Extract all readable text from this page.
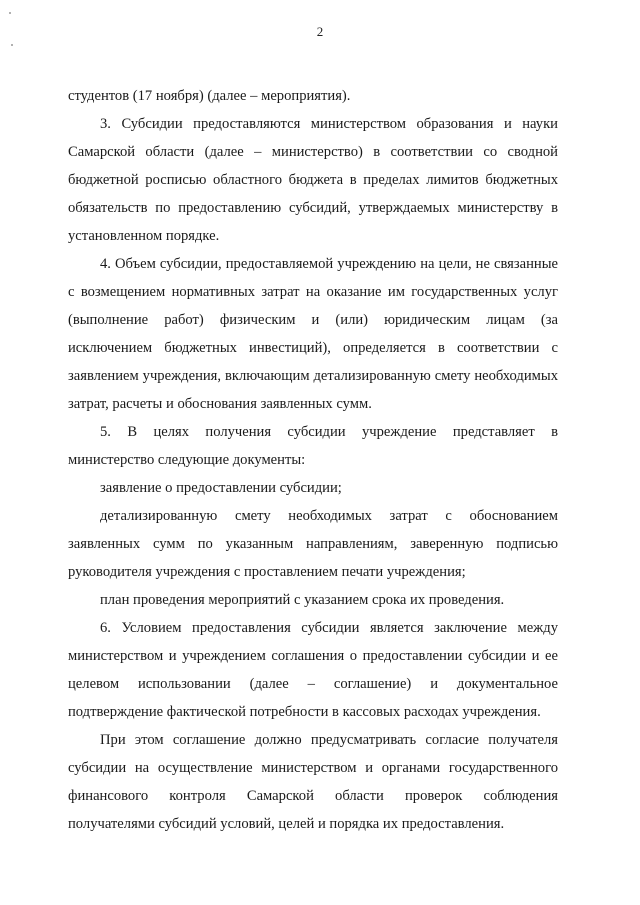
2

студентов (17 ноября) (далее – мероприятия).

3. Субсидии предоставляются министерством образования и науки Самарской области (далее – министерство) в соответствии со сводной бюджетной росписью областного бюджета в пределах лимитов бюджетных обязательств по предоставлению субсидий, утверждаемых министерству в установленном порядке.

4. Объем субсидии, предоставляемой учреждению на цели, не связанные с возмещением нормативных затрат на оказание им государственных услуг (выполнение работ) физическим и (или) юридическим лицам (за исключением бюджетных инвестиций), определяется в соответствии с заявлением учреждения, включающим детализированную смету необходимых затрат, расчеты и обоснования заявленных сумм.

5. В целях получения субсидии учреждение представляет в министерство следующие документы:

заявление о предоставлении субсидии;

детализированную смету необходимых затрат с обоснованием заявленных сумм по указанным направлениям, заверенную подписью руководителя учреждения с проставлением печати учреждения;

план проведения мероприятий с указанием срока их проведения.

6. Условием предоставления субсидии является заключение между министерством и учреждением соглашения о предоставлении субсидии и ее целевом использовании (далее – соглашение) и документальное подтверждение фактической потребности в кассовых расходах учреждения.

При этом соглашение должно предусматривать согласие получателя субсидии на осуществление министерством и органами государственного финансового контроля Самарской области проверок соблюдения получателями субсидий условий, целей и порядка их предоставления.
